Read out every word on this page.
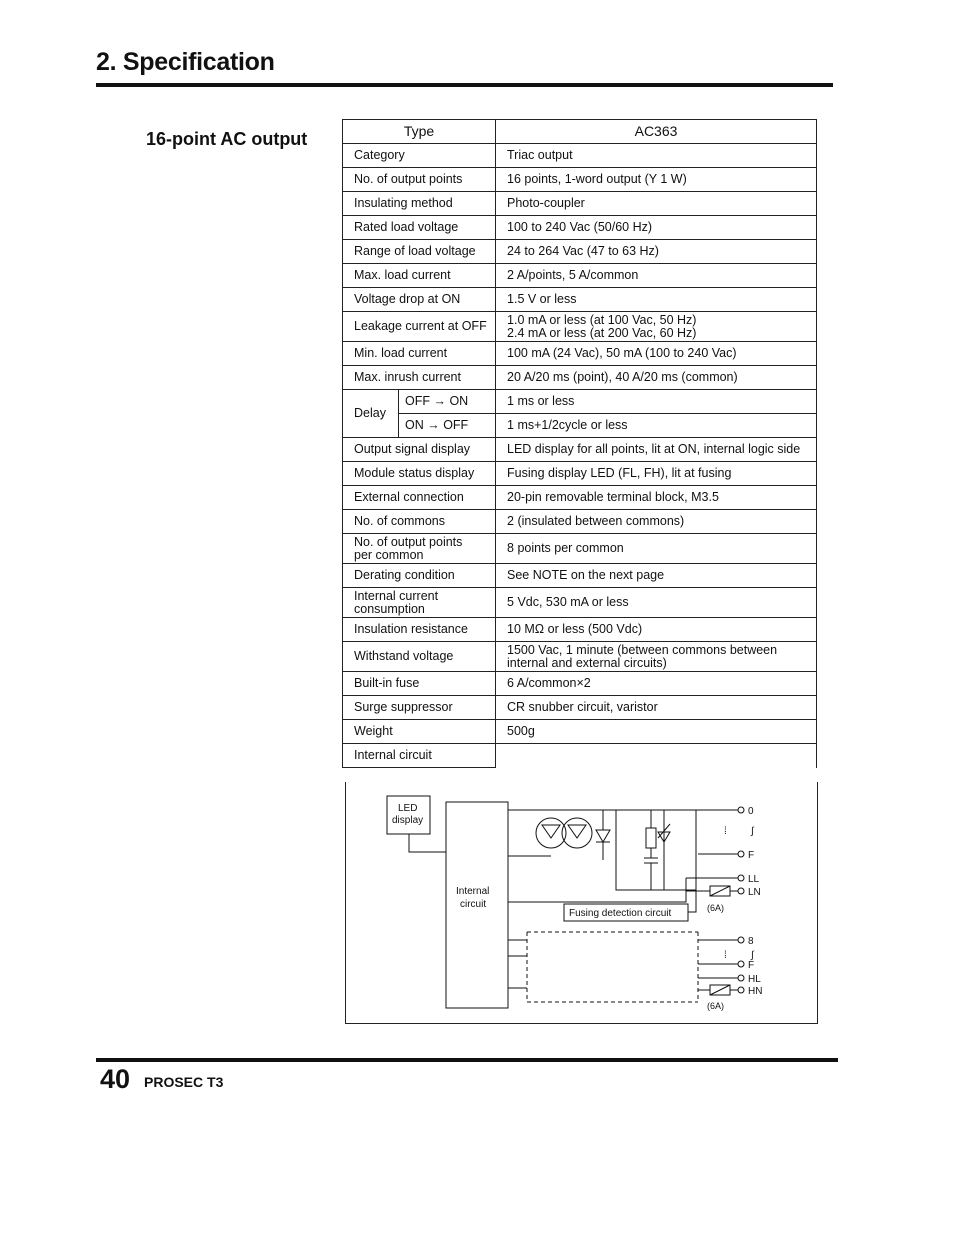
2. Specification
16-point AC output	Type		AC363
Category		Triac output
No. of output points		16 points, 1-word output (Y 1 W)
Insulating method		Photo-coupler
Rated load voltage		100 to 240 Vac (50/60 Hz)
Range of load voltage		24 to 264 Vac (47 to 63 Hz)
Max. load current		2 A/points, 5 A/common
Voltage drop at ON		1.5 V or less
Leakage current at OFF		1.0 mA or less (at 100 Vac, 50 Hz)
2.4 mA or less (at 200 Vac, 60 Hz)
Min. load current		100 mA (24 Vac), 50 mA (100 to 240 Vac)
Max. inrush current		20 A/20 ms (point), 40 A/20 ms (common)
Delay	OFF → ON	1 ms or less
	ON → OFF	1 ms+1/2cycle or less
Output signal display		LED display for all points, lit at ON, internal logic side
Module status display		Fusing display LED (FL, FH), lit at fusing
External connection		20-pin removable terminal block, M3.5
No. of commons		2 (insulated between commons)
No. of output points
per common		8 points per common
Derating condition		See NOTE on the next page
Internal current
consumption		5 Vdc, 530 mA or less
Insulation resistance		10 MΩ or less (500 Vdc)
Withstand voltage		1500 Vac, 1 minute (between commons between
internal and external circuits)
Built-in fuse		6 A/common×2
Surge suppressor		CR snubber circuit, varistor
Weight		500g
Internal circuit		
LED
display
Internal
circuit
Fusing detection circuit	(6A)
(6A)
0
⁞ ∫
F
LL
LN
8
⁞ ∫
F
HL
HN
40 PROSEC T3
